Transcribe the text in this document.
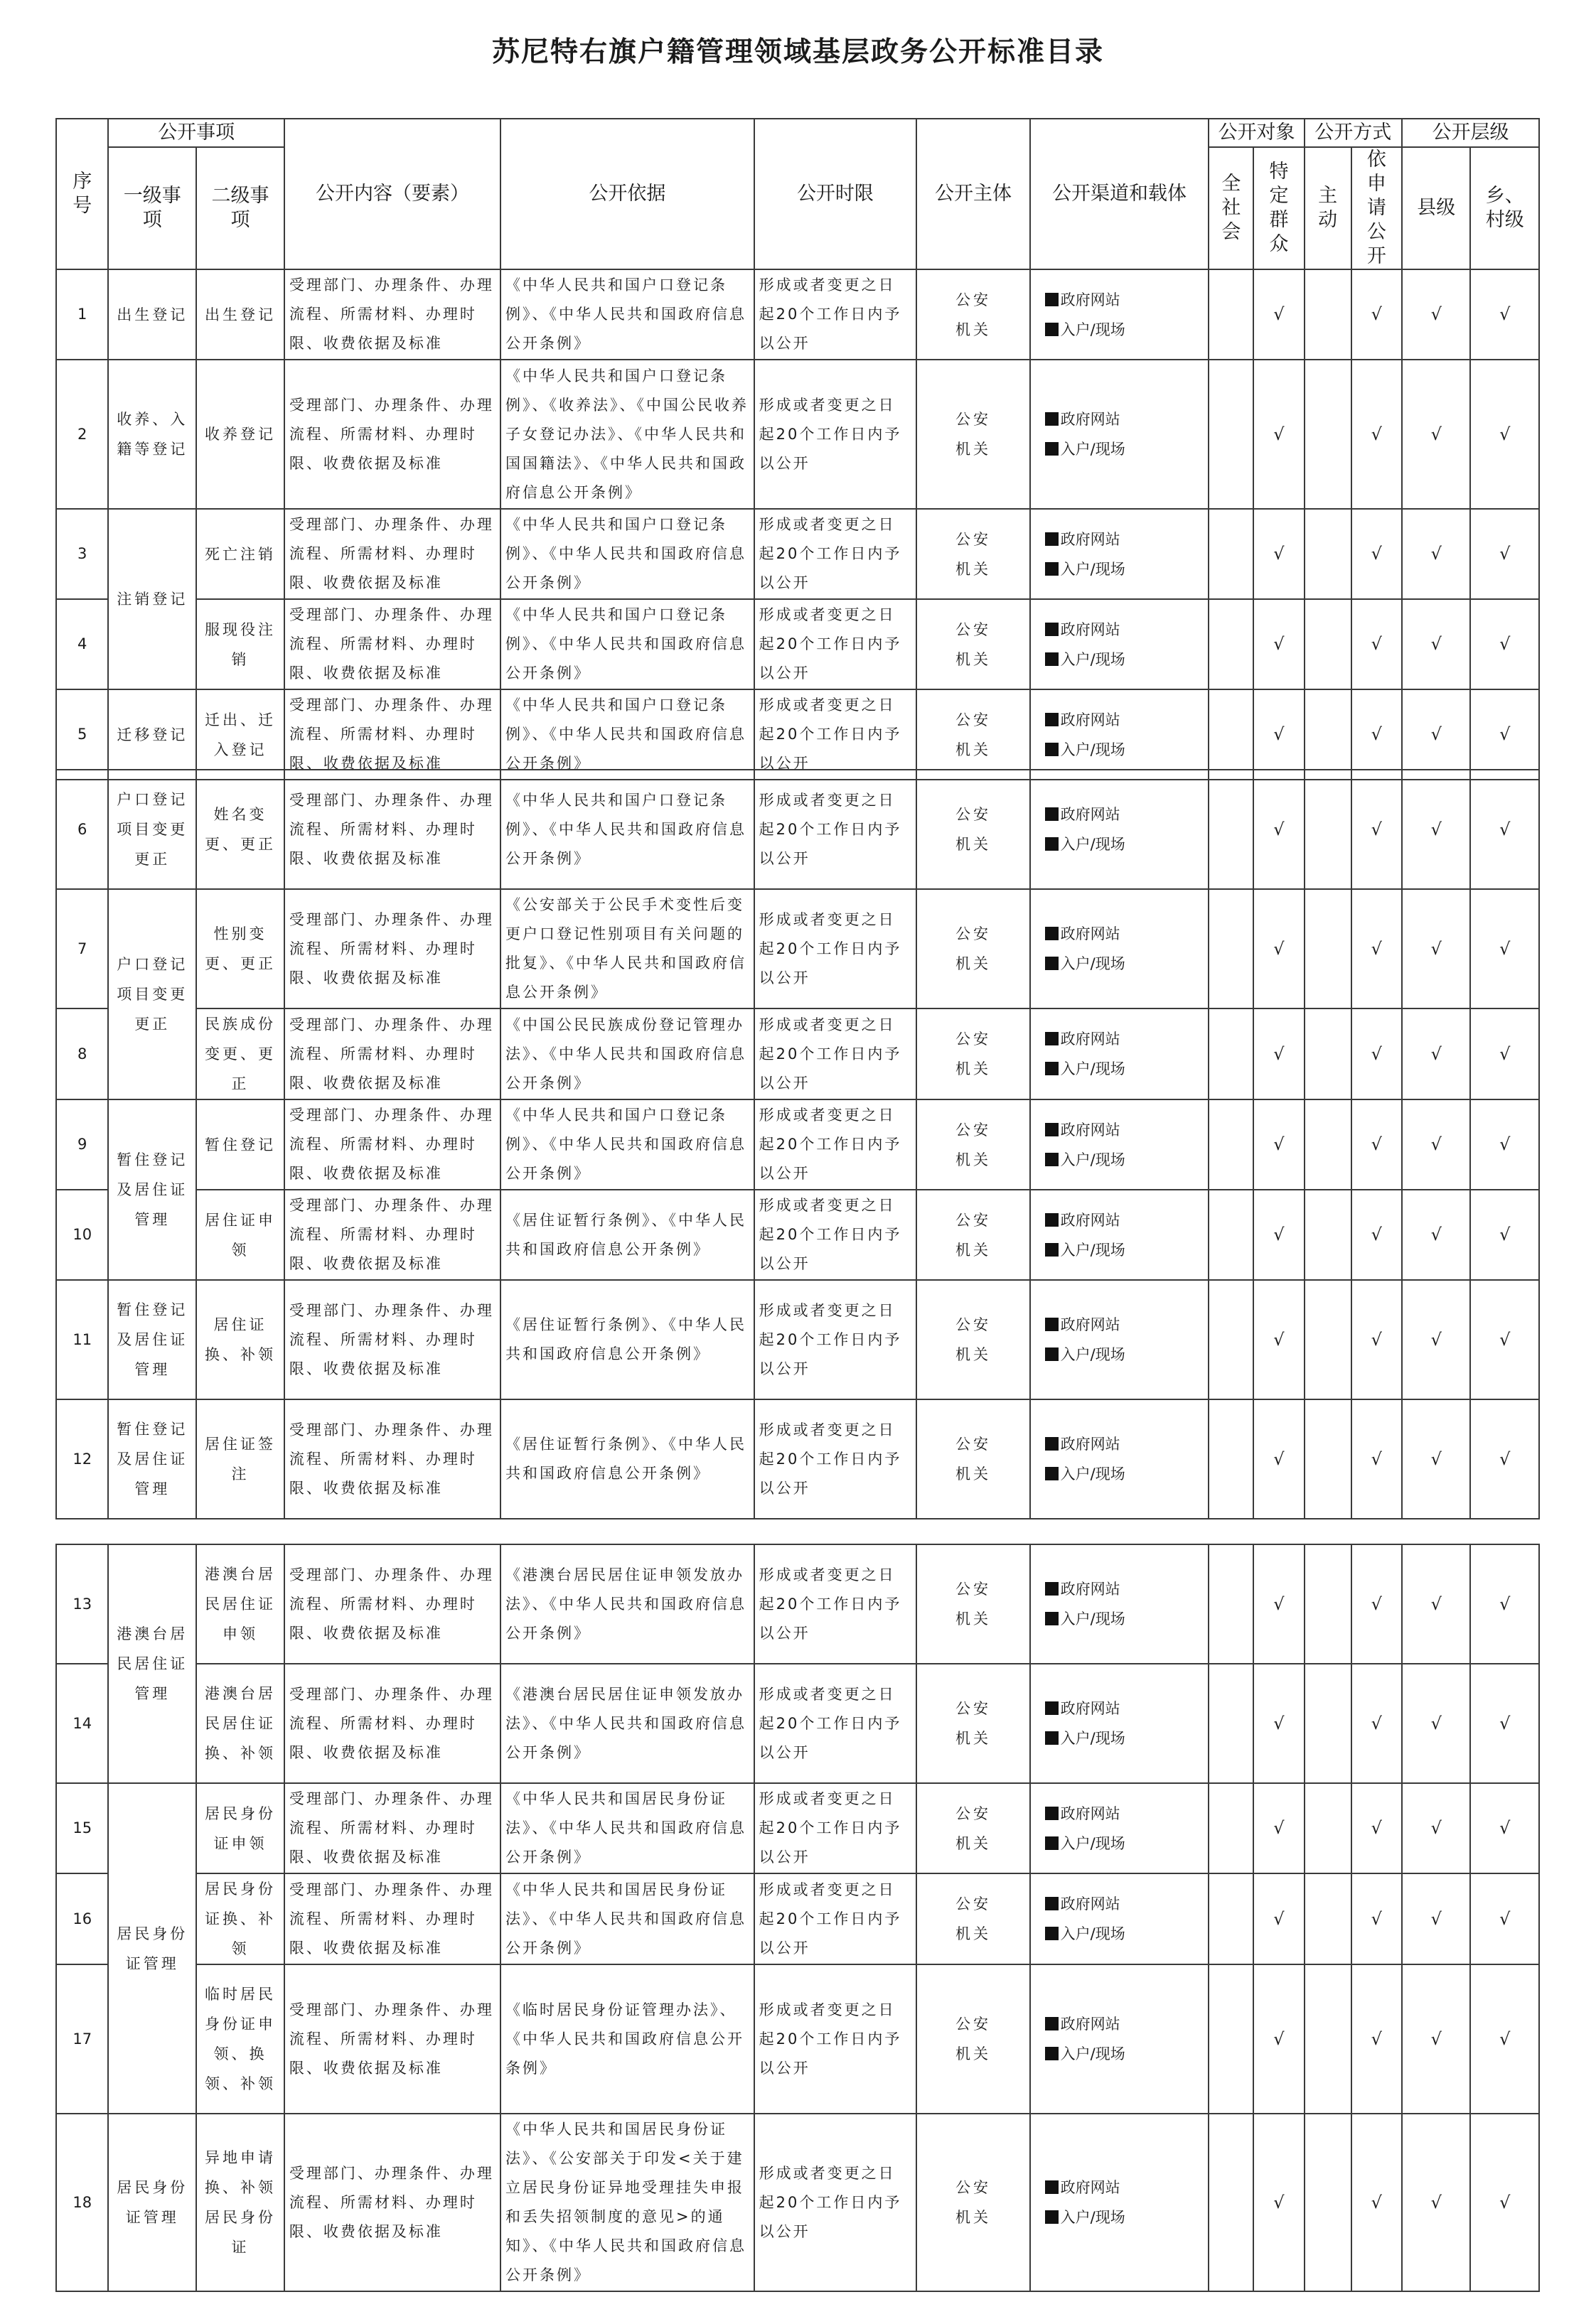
苏尼特右旗户籍管理领域基层政务公开标准目录
序号	公开事项		公开内容（要素）	公开依据	公开时限	公开主体	公开渠道和载体	公开对象		公开方式		公开层级	
	一级事项	二级事项						全社会	特定群众	主动	依申请公开	县级	乡、村级
1	出生登记	出生登记	受理部门、办理条件、办理流程、所需材料、办理时限、收费依据及标准	《中华人民共和国户口登记条例》、《中华人民共和国政府信息公开条例》	形成或者变更之日起20个工作日内予以公开	公安机关	政府网站
入户/现场		√		√	√	√
2	收养、入籍等登记	收养登记	受理部门、办理条件、办理流程、所需材料、办理时限、收费依据及标准	《中华人民共和国户口登记条例》、《收养法》、《中国公民收养子女登记办法》、《中华人民共和国国籍法》、《中华人民共和国政府信息公开条例》	形成或者变更之日起20个工作日内予以公开	公安机关	政府网站
入户/现场		√		√	√	√
3	注销登记	死亡注销	受理部门、办理条件、办理流程、所需材料、办理时限、收费依据及标准	《中华人民共和国户口登记条例》、《中华人民共和国政府信息公开条例》	形成或者变更之日起20个工作日内予以公开	公安机关	政府网站
入户/现场		√		√	√	√
4		服现役注销	受理部门、办理条件、办理流程、所需材料、办理时限、收费依据及标准	《中华人民共和国户口登记条例》、《中华人民共和国政府信息公开条例》	形成或者变更之日起20个工作日内予以公开	公安机关	政府网站
入户/现场		√		√	√	√
5	迁移登记	迁出、迁入登记	受理部门、办理条件、办理流程、所需材料、办理时限、收费依据及标准	《中华人民共和国户口登记条例》、《中华人民共和国政府信息公开条例》	形成或者变更之日起20个工作日内予以公开	公安机关	政府网站
入户/现场		√		√	√	√
6	户口登记项目变更更正	姓名变更、更正	受理部门、办理条件、办理流程、所需材料、办理时限、收费依据及标准	《中华人民共和国户口登记条例》、《中华人民共和国政府信息公开条例》	形成或者变更之日起20个工作日内予以公开	公安机关	政府网站
入户/现场		√		√	√	√
7	户口登记项目变更更正	性别变更、更正	受理部门、办理条件、办理流程、所需材料、办理时限、收费依据及标准	《公安部关于公民手术变性后变更户口登记性别项目有关问题的批复》、《中华人民共和国政府信息公开条例》	形成或者变更之日起20个工作日内予以公开	公安机关	政府网站
入户/现场		√		√	√	√
8		民族成份变更、更正	受理部门、办理条件、办理流程、所需材料、办理时限、收费依据及标准	《中国公民民族成份登记管理办法》、《中华人民共和国政府信息公开条例》	形成或者变更之日起20个工作日内予以公开	公安机关	政府网站
入户/现场		√		√	√	√
9	暂住登记及居住证管理	暂住登记	受理部门、办理条件、办理流程、所需材料、办理时限、收费依据及标准	《中华人民共和国户口登记条例》、《中华人民共和国政府信息公开条例》	形成或者变更之日起20个工作日内予以公开	公安机关	政府网站
入户/现场		√		√	√	√
10		居住证申领	受理部门、办理条件、办理流程、所需材料、办理时限、收费依据及标准	《居住证暂行条例》、《中华人民共和国政府信息公开条例》	形成或者变更之日起20个工作日内予以公开	公安机关	政府网站
入户/现场		√		√	√	√
11	暂住登记及居住证管理	居住证换、补领	受理部门、办理条件、办理流程、所需材料、办理时限、收费依据及标准	《居住证暂行条例》、《中华人民共和国政府信息公开条例》	形成或者变更之日起20个工作日内予以公开	公安机关	政府网站
入户/现场		√		√	√	√
12	暂住登记及居住证管理	居住证签注	受理部门、办理条件、办理流程、所需材料、办理时限、收费依据及标准	《居住证暂行条例》、《中华人民共和国政府信息公开条例》	形成或者变更之日起20个工作日内予以公开	公安机关	政府网站
入户/现场		√		√	√	√
13	港澳台居民居住证管理	港澳台居民居住证申领	受理部门、办理条件、办理流程、所需材料、办理时限、收费依据及标准	《港澳台居民居住证申领发放办法》、《中华人民共和国政府信息公开条例》	形成或者变更之日起20个工作日内予以公开	公安机关	政府网站
入户/现场		√		√	√	√
14		港澳台居民居住证换、补领	受理部门、办理条件、办理流程、所需材料、办理时限、收费依据及标准	《港澳台居民居住证申领发放办法》、《中华人民共和国政府信息公开条例》	形成或者变更之日起20个工作日内予以公开	公安机关	政府网站
入户/现场		√		√	√	√
15	居民身份证管理	居民身份证申领	受理部门、办理条件、办理流程、所需材料、办理时限、收费依据及标准	《中华人民共和国居民身份证法》、《中华人民共和国政府信息公开条例》	形成或者变更之日起20个工作日内予以公开	公安机关	政府网站
入户/现场		√		√	√	√
16		居民身份证换、补领	受理部门、办理条件、办理流程、所需材料、办理时限、收费依据及标准	《中华人民共和国居民身份证法》、《中华人民共和国政府信息公开条例》	形成或者变更之日起20个工作日内予以公开	公安机关	政府网站
入户/现场		√		√	√	√
17		临时居民身份证申领、换领、补领	受理部门、办理条件、办理流程、所需材料、办理时限、收费依据及标准	《临时居民身份证管理办法》、《中华人民共和国政府信息公开条例》	形成或者变更之日起20个工作日内予以公开	公安机关	政府网站
入户/现场		√		√	√	√
18	居民身份证管理	异地申请换、补领居民身份证	受理部门、办理条件、办理流程、所需材料、办理时限、收费依据及标准	《中华人民共和国居民身份证法》、《公安部关于印发<关于建立居民身份证异地受理挂失申报和丢失招领制度的意见>的通知》、《中华人民共和国政府信息公开条例》	形成或者变更之日起20个工作日内予以公开	公安机关	政府网站
入户/现场		√		√	√	√
